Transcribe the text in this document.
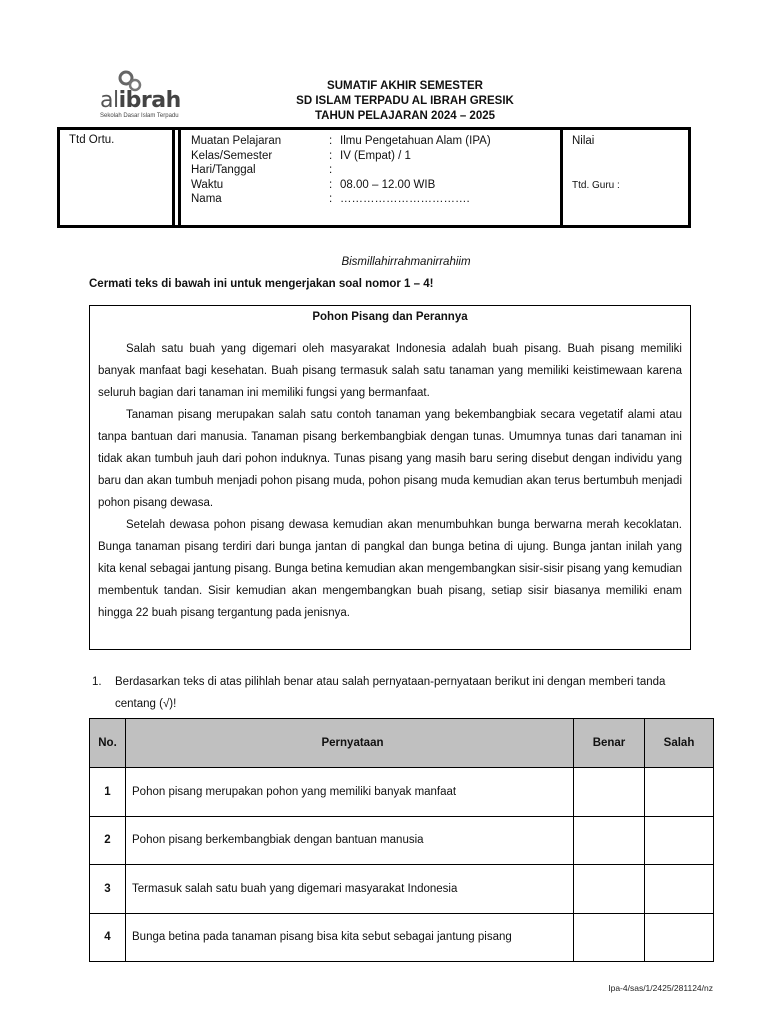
alibrah
Sekolah Dasar Islam Terpadu
SUMATIF AKHIR SEMESTER
SD ISLAM TERPADU AL IBRAH GRESIK
TAHUN PELAJARAN 2024 – 2025
Ttd Ortu.	Muatan Pelajaran	: Ilmu Pengetahuan Alam (IPA)
Kelas/Semester	: IV (Empat) / 1
Hari/Tanggal	:
Waktu	: 08.00 – 12.00 WIB
Nama	: …………………………….
Nilai
Ttd. Guru :
Bismillahirrahmanirrahiim
Cermati teks di bawah ini untuk mengerjakan soal nomor 1 – 4!
Pohon Pisang dan Perannya

Salah satu buah yang digemari oleh masyarakat Indonesia adalah buah pisang. Buah pisang memiliki banyak manfaat bagi kesehatan. Buah pisang termasuk salah satu tanaman yang memiliki keistimewaan karena seluruh bagian dari tanaman ini memiliki fungsi yang bermanfaat.

Tanaman pisang merupakan salah satu contoh tanaman yang bekembangbiak secara vegetatif alami atau tanpa bantuan dari manusia. Tanaman pisang berkembangbiak dengan tunas. Umumnya tunas dari tanaman ini tidak akan tumbuh jauh dari pohon induknya. Tunas pisang yang masih baru sering disebut dengan individu yang baru dan akan tumbuh menjadi pohon pisang muda, pohon pisang muda kemudian akan terus bertumbuh menjadi pohon pisang dewasa.

Setelah dewasa pohon pisang dewasa kemudian akan menumbuhkan bunga berwarna merah kecoklatan. Bunga tanaman pisang terdiri dari bunga jantan di pangkal dan bunga betina di ujung. Bunga jantan inilah yang kita kenal sebagai jantung pisang. Bunga betina kemudian akan mengembangkan sisir-sisir pisang yang kemudian membentuk tandan. Sisir kemudian akan mengembangkan buah pisang, setiap sisir biasanya memiliki enam hingga 22 buah pisang tergantung pada jenisnya.

1. Berdasarkan teks di atas pilihlah benar atau salah pernyataan-pernyataan berikut ini dengan memberi tanda centang (√)!
No.	Pernyataan	Benar	Salah
1	Pohon pisang merupakan pohon yang memiliki banyak manfaat		
2	Pohon pisang berkembangbiak dengan bantuan manusia		
3	Termasuk salah satu buah yang digemari masyarakat Indonesia		
4	Bunga betina pada tanaman pisang bisa kita sebut sebagai jantung pisang		
Ipa-4/sas/1/2425/281124/nz
